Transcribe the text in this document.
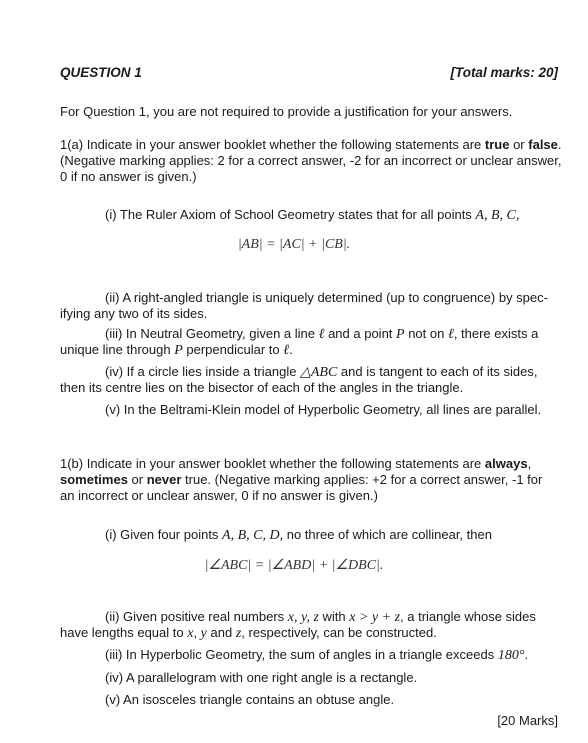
QUESTION 1	[Total marks: 20]
For Question 1, you are not required to provide a justification for your answers.
1(a) Indicate in your answer booklet whether the following statements are true or false.
(Negative marking applies: 2 for a correct answer, -2 for an incorrect or unclear answer,
0 if no answer is given.)
(i) The Ruler Axiom of School Geometry states that for all points A, B, C,
|AB| = |AC| + |CB|.
(ii) A right-angled triangle is uniquely determined (up to congruence) by spec-
ifying any two of its sides.
(iii) In Neutral Geometry, given a line ℓ and a point P not on ℓ, there exists a
unique line through P perpendicular to ℓ.
(iv) If a circle lies inside a triangle △ABC and is tangent to each of its sides,
then its centre lies on the bisector of each of the angles in the triangle.
(v) In the Beltrami-Klein model of Hyperbolic Geometry, all lines are parallel.
1(b) Indicate in your answer booklet whether the following statements are always,
sometimes or never true. (Negative marking applies: +2 for a correct answer, -1 for
an incorrect or unclear answer, 0 if no answer is given.)
(i) Given four points A, B, C, D, no three of which are collinear, then
|∠ABC| = |∠ABD| + |∠DBC|.
(ii) Given positive real numbers x, y, z with x > y + z, a triangle whose sides
have lengths equal to x, y and z, respectively, can be constructed.
(iii) In Hyperbolic Geometry, the sum of angles in a triangle exceeds 180°.
(iv) A parallelogram with one right angle is a rectangle.
(v) An isosceles triangle contains an obtuse angle.
[20 Marks]
